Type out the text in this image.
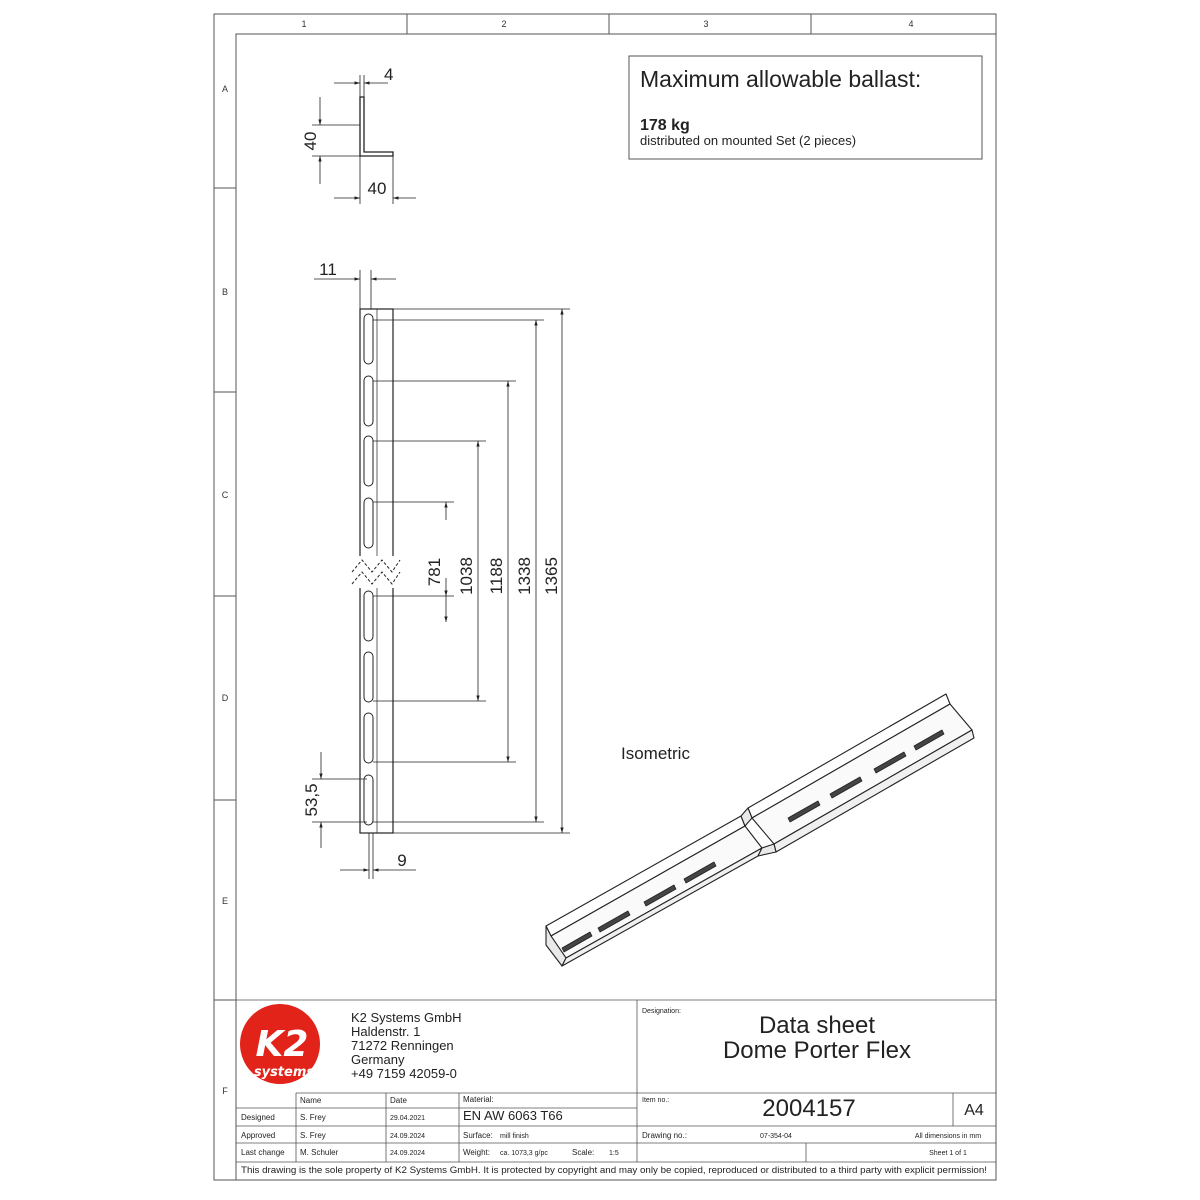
1	2	3	4
A
B
C
D
E
F
Maximum allowable ballast:
178 kg
distributed on mounted Set (2 pieces)
4
40
40
11
9
53,5
781 1038 1188 1338 1365
Isometric
K2
systems
K2 Systems GmbH
Haldenstr. 1
71272 Renningen
Germany
+49 7159 42059-0
Designation:
Data sheet
Dome Porter Flex
Name	Date
Designed	S. Frey	29.04.2021
Approved	S. Frey	24.09.2024
Last change M. Schuler	24.09.2024
Material:
EN AW 6063 T66
Surface: mill finish
Weight: ca. 1073,3 g/pc	Scale: 1:5
Item no.:	2004157	A4
Drawing no.:	07-354-04	All dimensions in mm
Sheet 1 of 1
This drawing is the sole property of K2 Systems GmbH. It is protected by copyright and may only be copied, reproduced or distributed to a third party with explicit permission!
